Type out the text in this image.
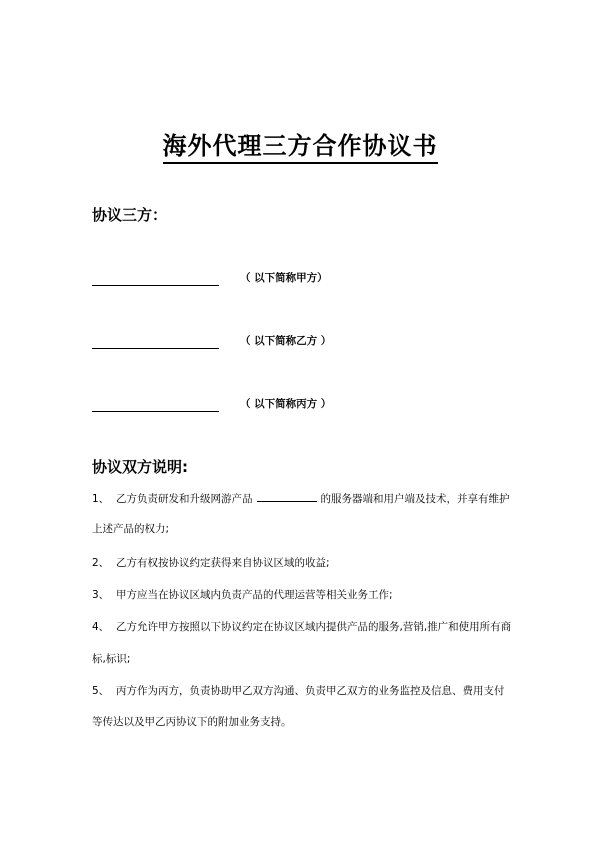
海外代理三方合作协议书
协议三方：
（ 以下简称甲方）
（ 以下简称乙方 ）
（ 以下简称丙方 ）
协议双方说明:
1、 乙方负责研发和升级网游产品	的服务器端和用户端及技术，并享有维护
上述产品的权力;
2、 乙方有权按协议约定获得来自协议区域的收益;
3、 甲方应当在协议区域内负责产品的代理运营等相关业务工作;
4、 乙方允许甲方按照以下协议约定在协议区域内提供产品的服务,营销,推广和使用所有商
标,标识;
5、 丙方作为丙方，负责协助甲乙双方沟通、负责甲乙双方的业务监控及信息、费用支付
等传达以及甲乙丙协议下的附加业务支持。
